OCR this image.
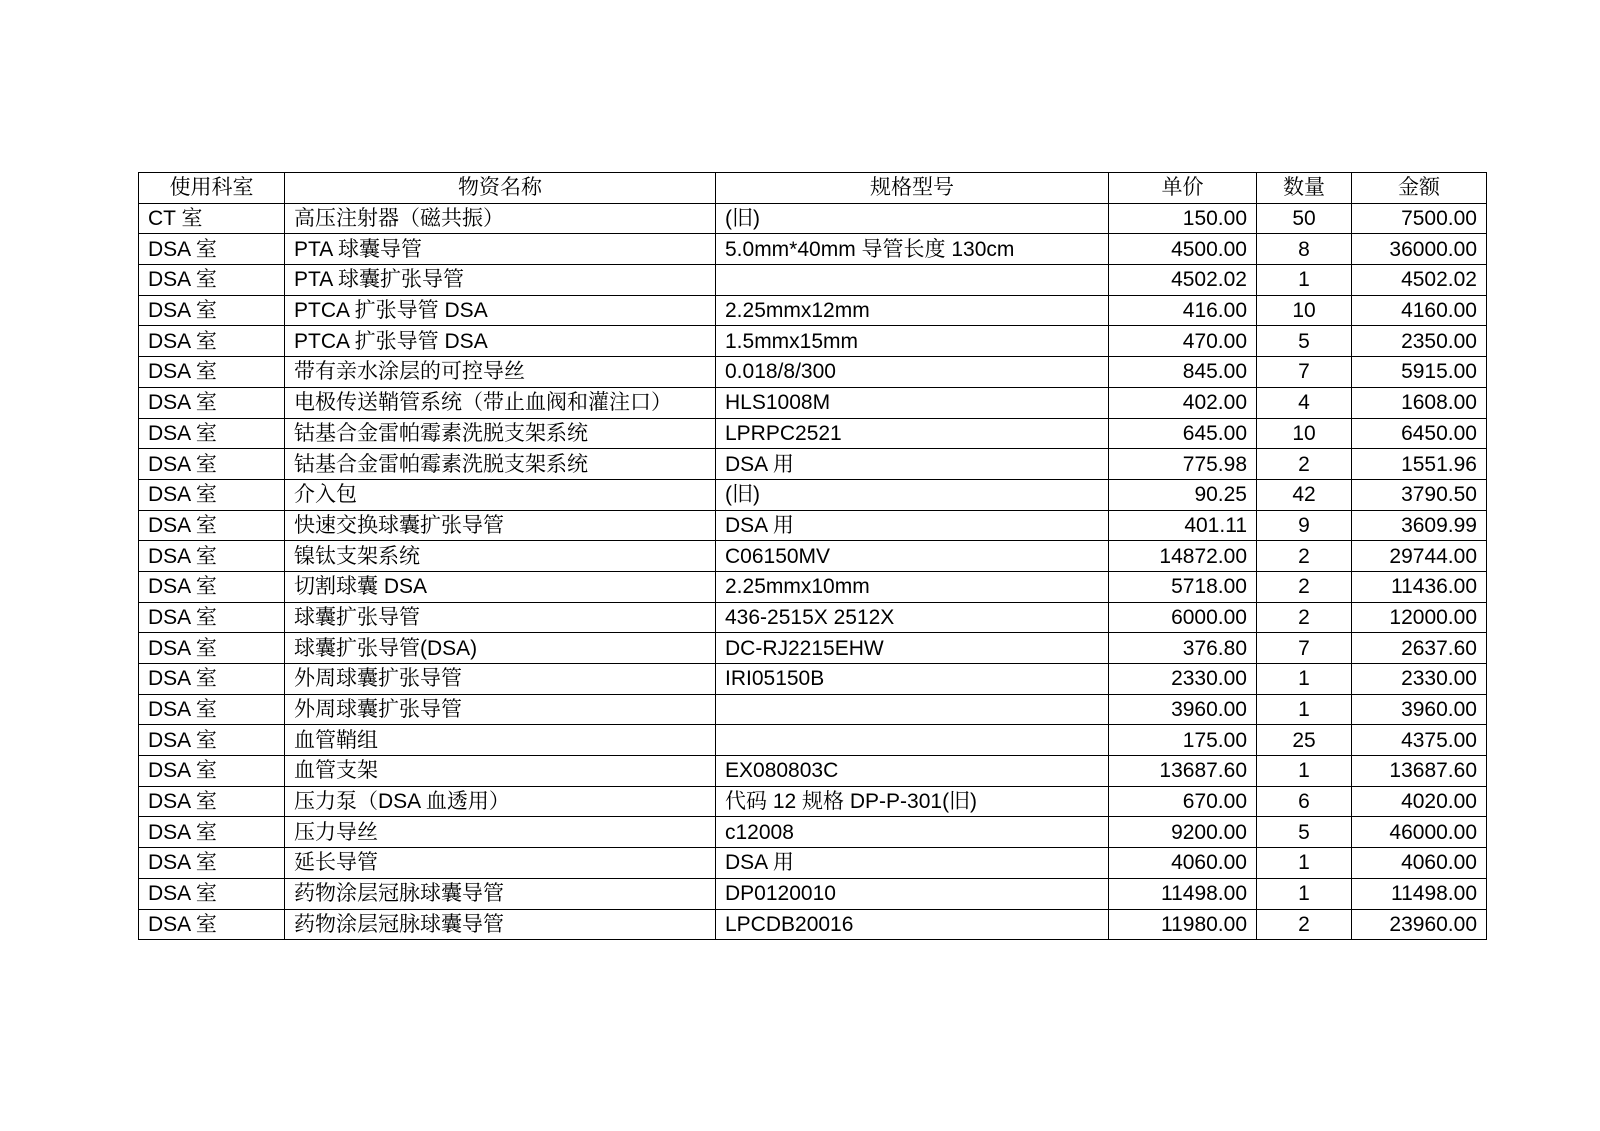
使用科室	物资名称	规格型号	单价	数量	金额
CT 室	高压注射器（磁共振）	(旧)	150.00	50	7500.00
DSA 室	PTA 球囊导管	5.0mm*40mm 导管长度 130cm	4500.00	8	36000.00
DSA 室	PTA 球囊扩张导管		4502.02	1	4502.02
DSA 室	PTCA 扩张导管 DSA	2.25mmx12mm	416.00	10	4160.00
DSA 室	PTCA 扩张导管 DSA	1.5mmx15mm	470.00	5	2350.00
DSA 室	带有亲水涂层的可控导丝	0.018/8/300	845.00	7	5915.00
DSA 室	电极传送鞘管系统（带止血阀和灌注口）	HLS1008M	402.00	4	1608.00
DSA 室	钴基合金雷帕霉素洗脱支架系统	LPRPC2521	645.00	10	6450.00
DSA 室	钴基合金雷帕霉素洗脱支架系统	DSA 用	775.98	2	1551.96
DSA 室	介入包	(旧)	90.25	42	3790.50
DSA 室	快速交换球囊扩张导管	DSA 用	401.11	9	3609.99
DSA 室	镍钛支架系统	C06150MV	14872.00	2	29744.00
DSA 室	切割球囊 DSA	2.25mmx10mm	5718.00	2	11436.00
DSA 室	球囊扩张导管	436-2515X 2512X	6000.00	2	12000.00
DSA 室	球囊扩张导管(DSA)	DC-RJ2215EHW	376.80	7	2637.60
DSA 室	外周球囊扩张导管	IRI05150B	2330.00	1	2330.00
DSA 室	外周球囊扩张导管		3960.00	1	3960.00
DSA 室	血管鞘组		175.00	25	4375.00
DSA 室	血管支架	EX080803C	13687.60	1	13687.60
DSA 室	压力泵（DSA 血透用）	代码 12 规格 DP-P-301(旧)	670.00	6	4020.00
DSA 室	压力导丝	c12008	9200.00	5	46000.00
DSA 室	延长导管	DSA 用	4060.00	1	4060.00
DSA 室	药物涂层冠脉球囊导管	DP0120010	11498.00	1	11498.00
DSA 室	药物涂层冠脉球囊导管	LPCDB20016	11980.00	2	23960.00
